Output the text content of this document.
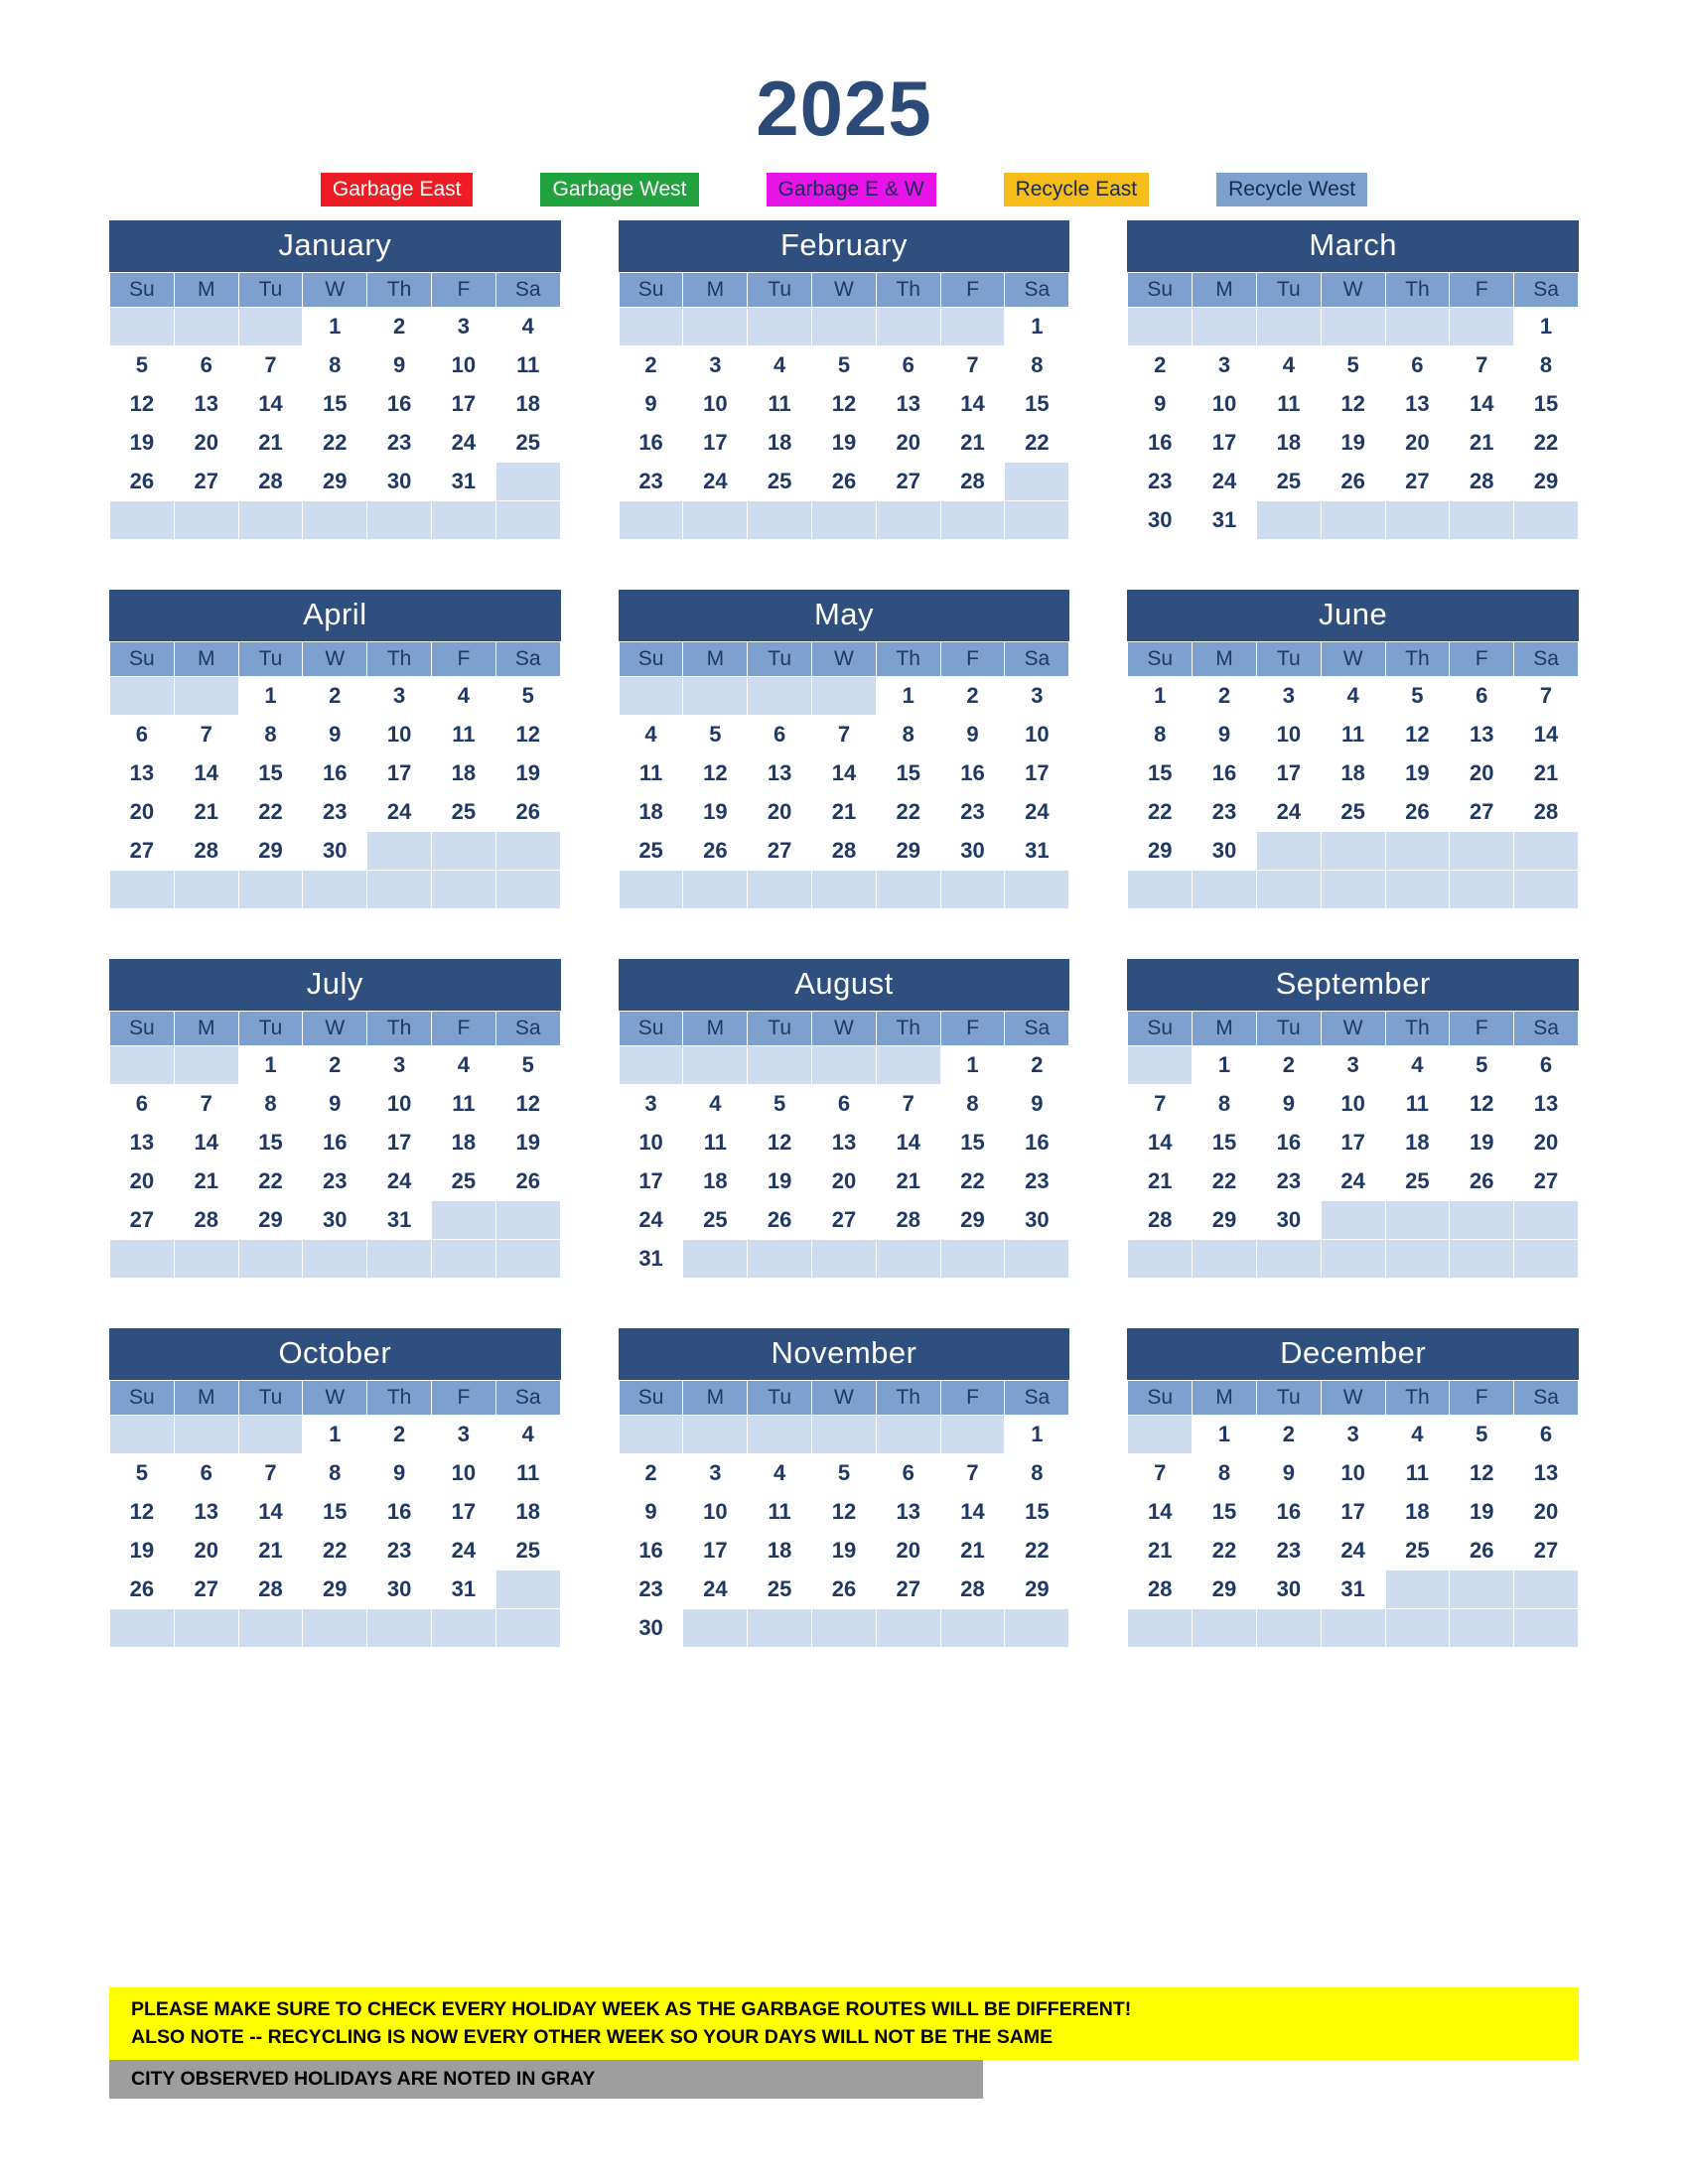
2025
Garbage East	Garbage West	Garbage E & W	Recycle East	Recycle West
January
Su	M	Tu	W	Th	F	Sa
			1	2	3	4
5	6	7	8	9	10	11
12	13	14	15	16	17	18
19	20	21	22	23	24	25
26	27	28	29	30	31	

February
Su	M	Tu	W	Th	F	Sa
						1
2	3	4	5	6	7	8
9	10	11	12	13	14	15
16	17	18	19	20	21	22
23	24	25	26	27	28	

March
Su	M	Tu	W	Th	F	Sa
						1
2	3	4	5	6	7	8
9	10	11	12	13	14	15
16	17	18	19	20	21	22
23	24	25	26	27	28	29
30	31					
April
Su	M	Tu	W	Th	F	Sa
		1	2	3	4	5
6	7	8	9	10	11	12
13	14	15	16	17	18	19
20	21	22	23	24	25	26
27	28	29	30			

May
Su	M	Tu	W	Th	F	Sa
				1	2	3
4	5	6	7	8	9	10
11	12	13	14	15	16	17
18	19	20	21	22	23	24
25	26	27	28	29	30	31

June
Su	M	Tu	W	Th	F	Sa
1	2	3	4	5	6	7
8	9	10	11	12	13	14
15	16	17	18	19	20	21
22	23	24	25	26	27	28
29	30					

July
Su	M	Tu	W	Th	F	Sa
		1	2	3	4	5
6	7	8	9	10	11	12
13	14	15	16	17	18	19
20	21	22	23	24	25	26
27	28	29	30	31		

August
Su	M	Tu	W	Th	F	Sa
					1	2
3	4	5	6	7	8	9
10	11	12	13	14	15	16
17	18	19	20	21	22	23
24	25	26	27	28	29	30
31						
September
Su	M	Tu	W	Th	F	Sa
	1	2	3	4	5	6
7	8	9	10	11	12	13
14	15	16	17	18	19	20
21	22	23	24	25	26	27
28	29	30				

October
Su	M	Tu	W	Th	F	Sa
			1	2	3	4
5	6	7	8	9	10	11
12	13	14	15	16	17	18
19	20	21	22	23	24	25
26	27	28	29	30	31	

November
Su	M	Tu	W	Th	F	Sa
						1
2	3	4	5	6	7	8
9	10	11	12	13	14	15
16	17	18	19	20	21	22
23	24	25	26	27	28	29
30						
December
Su	M	Tu	W	Th	F	Sa
	1	2	3	4	5	6
7	8	9	10	11	12	13
14	15	16	17	18	19	20
21	22	23	24	25	26	27
28	29	30	31			

PLEASE MAKE SURE TO CHECK EVERY HOLIDAY WEEK AS THE GARBAGE ROUTES WILL BE DIFFERENT!
ALSO NOTE -- RECYCLING IS NOW EVERY OTHER WEEK SO YOUR DAYS WILL NOT BE THE SAME
CITY OBSERVED HOLIDAYS ARE NOTED IN GRAY
